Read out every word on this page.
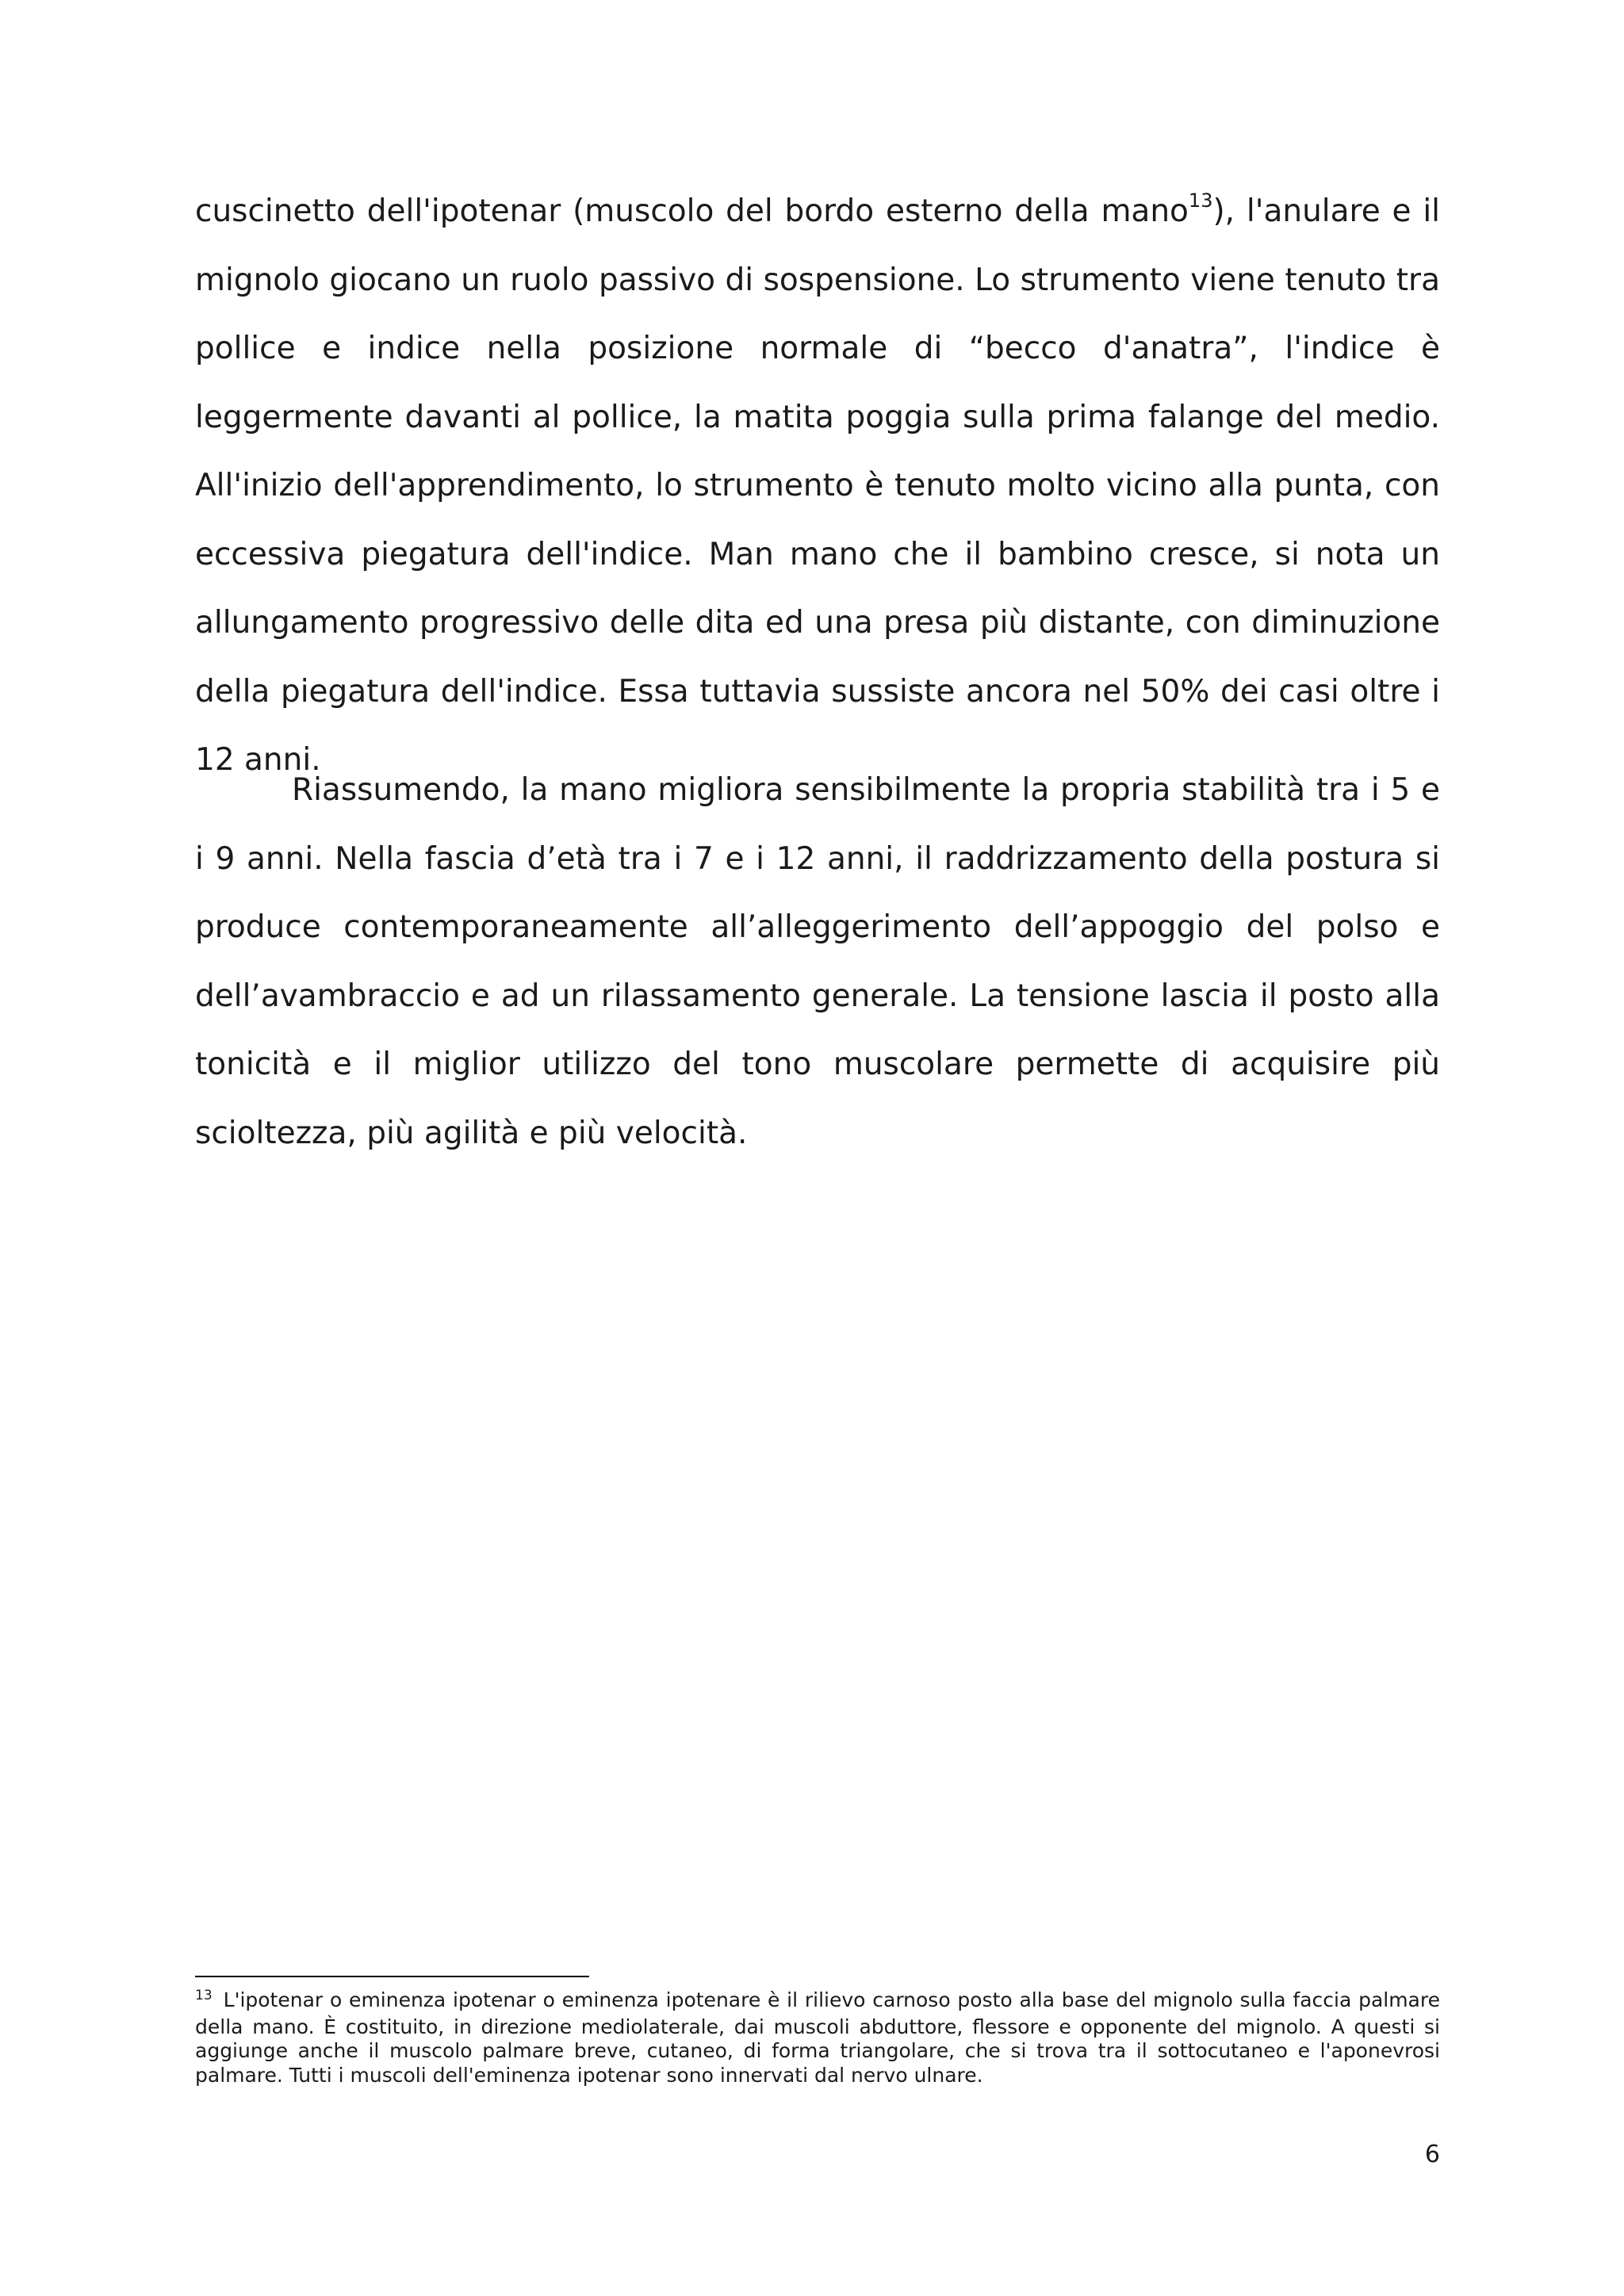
cuscinetto dell'ipotenar (muscolo del bordo esterno della mano$^{13}$), l'anulare e il mignolo giocano un ruolo passivo di sospensione. Lo strumento viene tenuto tra pollice e indice nella posizione normale di “becco d'anatra”, l'indice è leggermente davanti al pollice, la matita poggia sulla prima falange del medio. All'inizio dell'apprendimento, lo strumento è tenuto molto vicino alla punta, con eccessiva piegatura dell'indice. Man mano che il bambino cresce, si nota un allungamento progressivo delle dita ed una presa più distante, con diminuzione della piegatura dell'indice. Essa tuttavia sussiste ancora nel 50% dei casi oltre i 12 anni.

Riassumendo, la mano migliora sensibilmente la propria stabilità tra i 5 e i 9 anni. Nella fascia d’età tra i 7 e i 12 anni, il raddrizzamento della postura si produce contemporaneamente all’alleggerimento dell’appoggio del polso e dell’avambraccio e ad un rilassamento generale. La tensione lascia il posto alla tonicità e il miglior utilizzo del tono muscolare permette di acquisire più scioltezza, più agilità e più velocità.

$^{13}$ L'ipotenar o eminenza ipotenar o eminenza ipotenare è il rilievo carnoso posto alla base del mignolo sulla faccia palmare della mano. È costituito, in direzione mediolaterale, dai muscoli abduttore, flessore e opponente del mignolo. A questi si aggiunge anche il muscolo palmare breve, cutaneo, di forma triangolare, che si trova tra il sottocutaneo e l'aponevrosi palmare. Tutti i muscoli dell'eminenza ipotenar sono innervati dal nervo ulnare.

6
